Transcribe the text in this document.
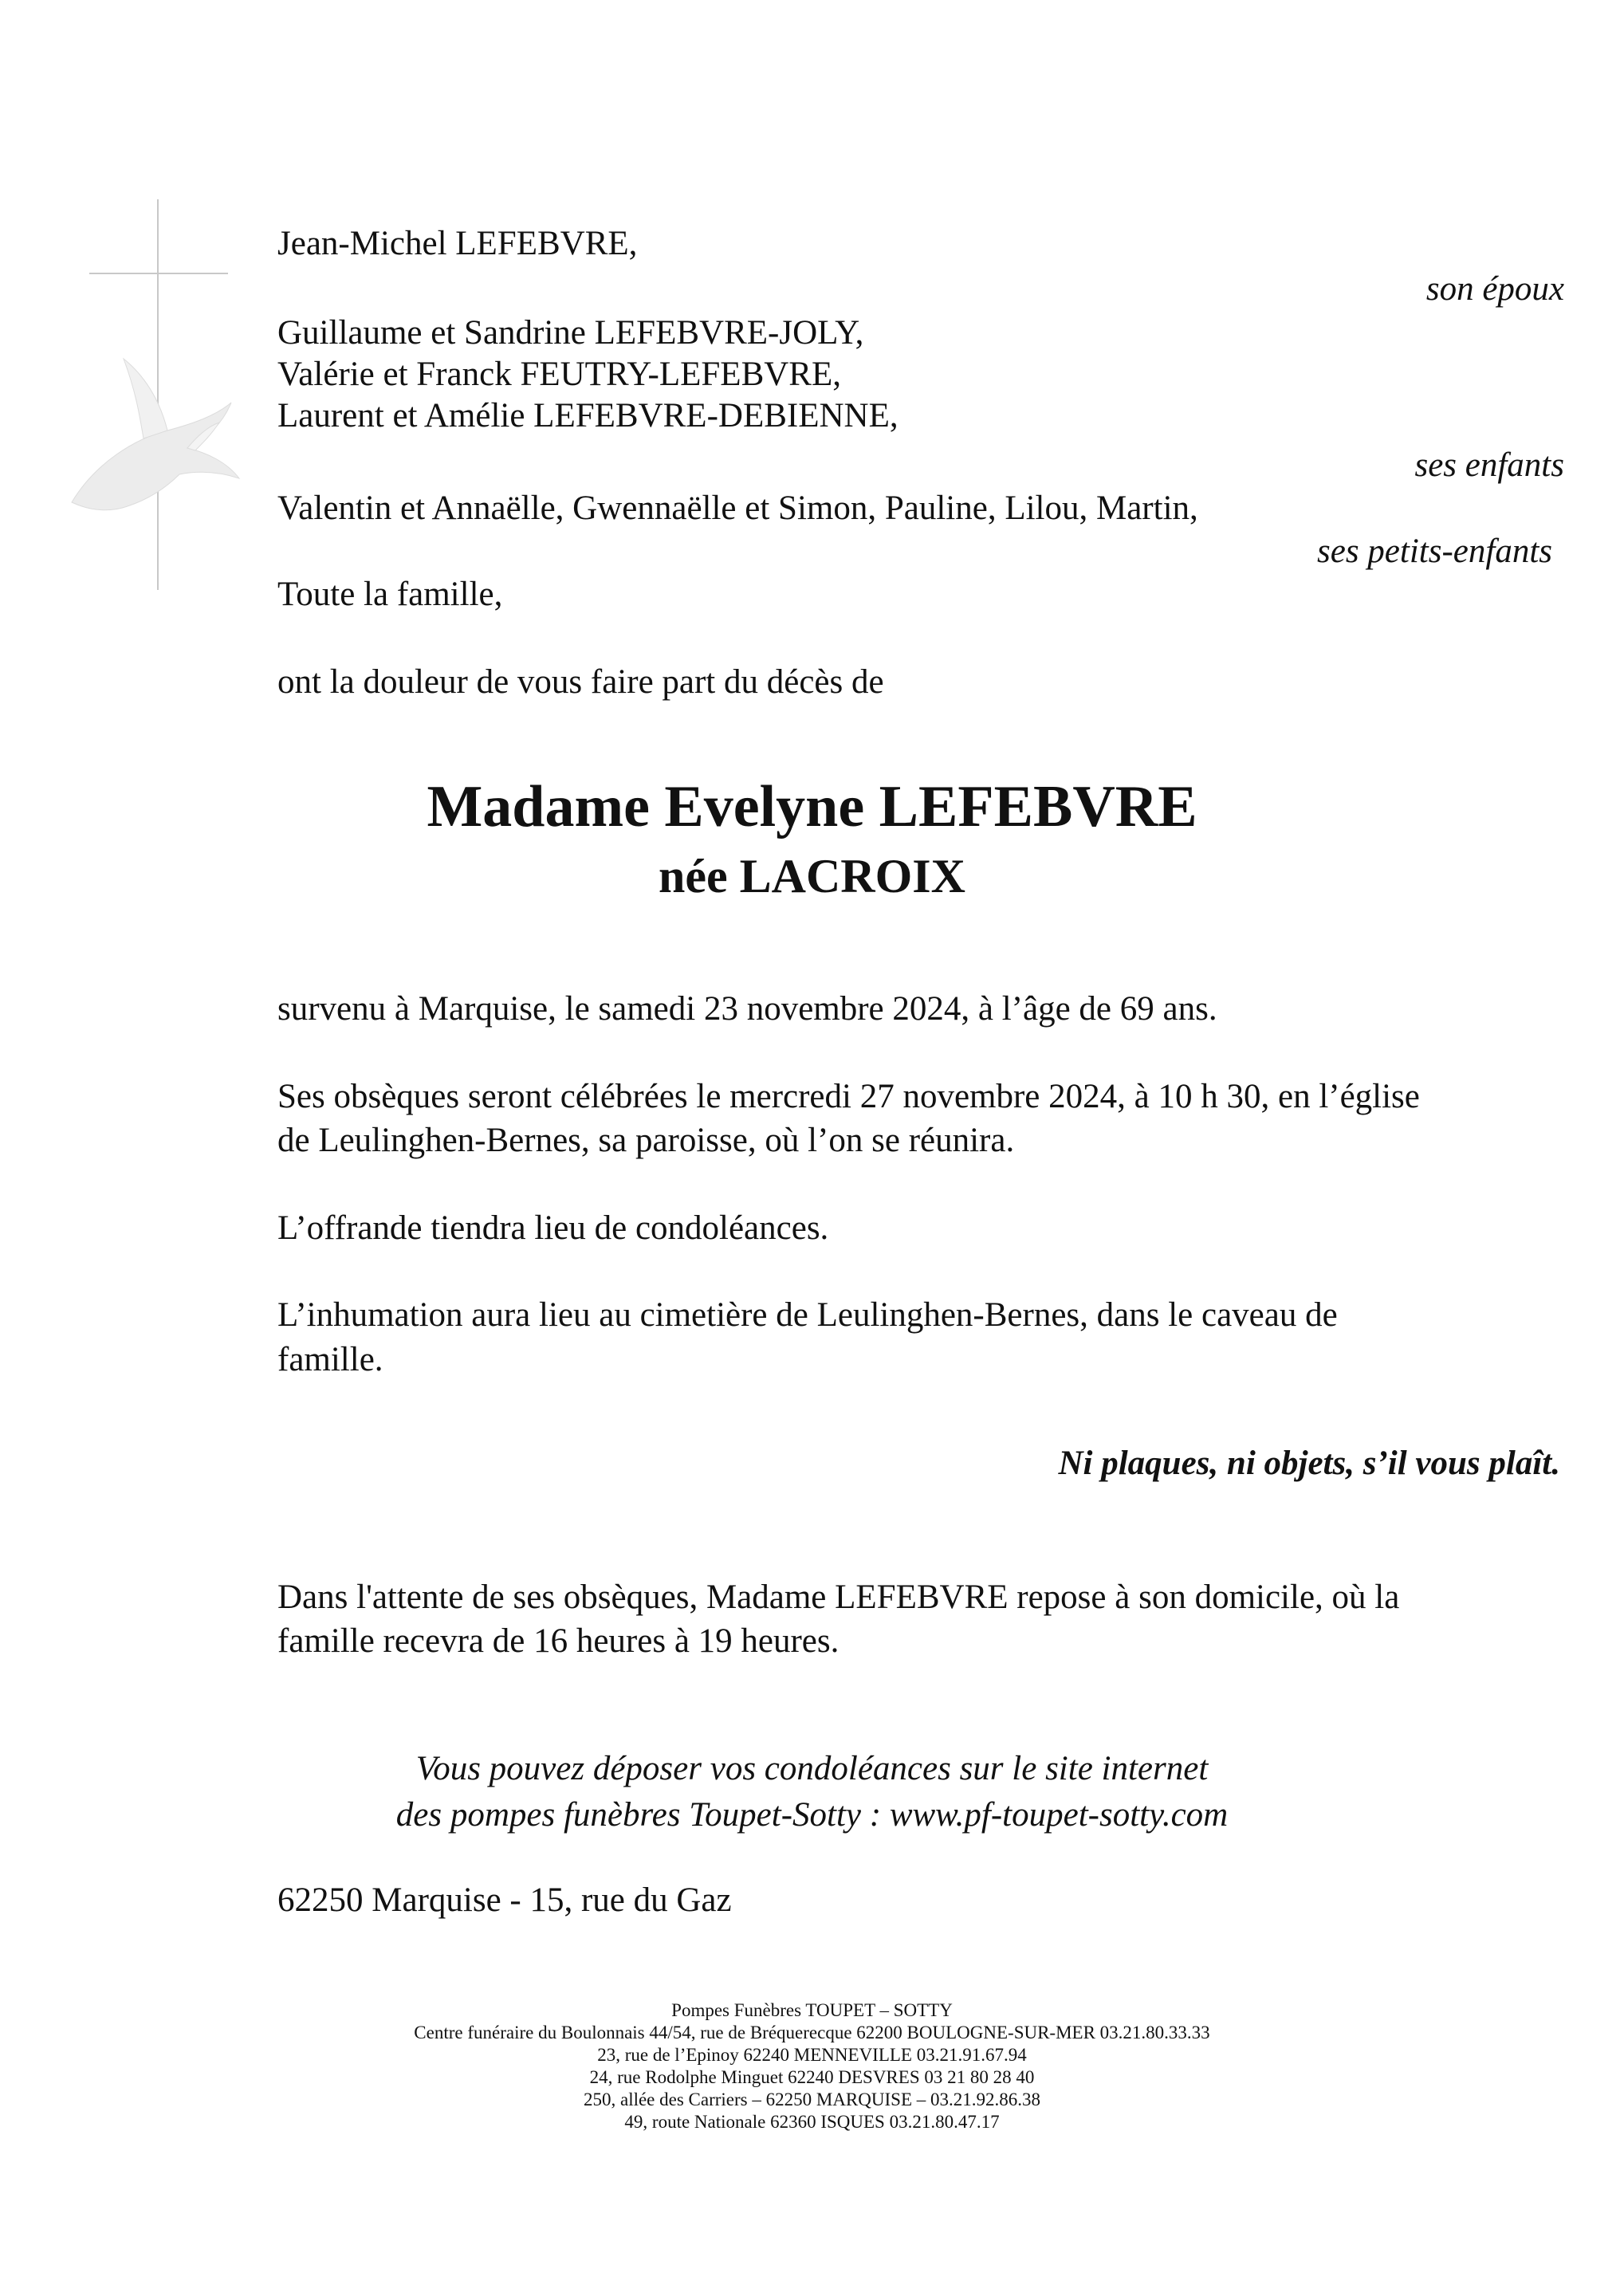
Jean-Michel LEFEBVRE,
son époux
Guillaume et Sandrine LEFEBVRE-JOLY,
Valérie et Franck FEUTRY-LEFEBVRE,
Laurent et Amélie LEFEBVRE-DEBIENNE,
ses enfants
Valentin et Annaëlle, Gwennaëlle et Simon, Pauline, Lilou, Martin,
ses petits-enfants
Toute la famille,
ont la douleur de vous faire part du décès de
Madame Evelyne LEFEBVRE
née LACROIX
survenu à Marquise, le samedi 23 novembre 2024, à l’âge de 69 ans.
Ses obsèques seront célébrées le mercredi 27 novembre 2024, à 10 h 30, en l’église
de Leulinghen-Bernes, sa paroisse, où l’on se réunira.
L’offrande tiendra lieu de condoléances.
L’inhumation aura lieu au cimetière de Leulinghen-Bernes, dans le caveau de
famille.
Ni plaques, ni objets, s’il vous plaît.
Dans l'attente de ses obsèques, Madame LEFEBVRE repose à son domicile, où la
famille recevra de 16 heures à 19 heures.
Vous pouvez déposer vos condoléances sur le site internet
des pompes funèbres Toupet-Sotty : www.pf-toupet-sotty.com
62250 Marquise - 15, rue du Gaz
Pompes Funèbres TOUPET – SOTTY
Centre funéraire du Boulonnais 44/54, rue de Bréquerecque 62200 BOULOGNE-SUR-MER 03.21.80.33.33
23, rue de l’Epinoy 62240 MENNEVILLE 03.21.91.67.94
24, rue Rodolphe Minguet 62240 DESVRES 03 21 80 28 40
250, allée des Carriers – 62250 MARQUISE – 03.21.92.86.38
49, route Nationale 62360 ISQUES 03.21.80.47.17
